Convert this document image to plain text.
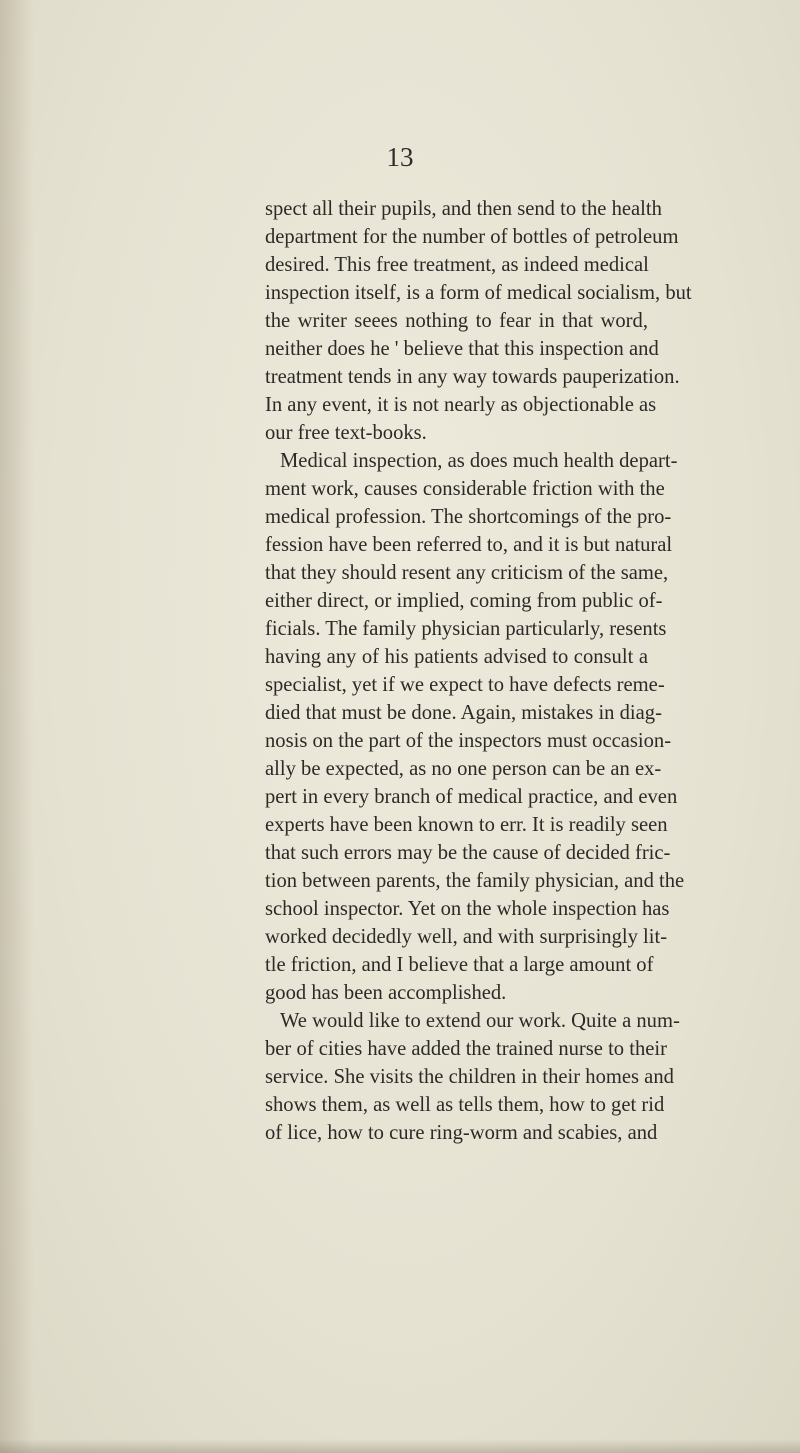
13
spect all their pupils, and then send to the health
department for the number of bottles of petroleum
desired. This free treatment, as indeed medical
inspection itself, is a form of medical socialism, but
the writer seees nothing to fear in that word,
neither does he ' believe that this inspection and
treatment tends in any way towards pauperization.
In any event, it is not nearly as objectionable as
our free text-books.
Medical inspection, as does much health depart-
ment work, causes considerable friction with the
medical profession. The shortcomings of the pro-
fession have been referred to, and it is but natural
that they should resent any criticism of the same,
either direct, or implied, coming from public of-
ficials. The family physician particularly, resents
having any of his patients advised to consult a
specialist, yet if we expect to have defects reme-
died that must be done. Again, mistakes in diag-
nosis on the part of the inspectors must occasion-
ally be expected, as no one person can be an ex-
pert in every branch of medical practice, and even
experts have been known to err. It is readily seen
that such errors may be the cause of decided fric-
tion between parents, the family physician, and the
school inspector. Yet on the whole inspection has
worked decidedly well, and with surprisingly lit-
tle friction, and I believe that a large amount of
good has been accomplished.
We would like to extend our work. Quite a num-
ber of cities have added the trained nurse to their
service. She visits the children in their homes and
shows them, as well as tells them, how to get rid
of lice, how to cure ring-worm and scabies, and
